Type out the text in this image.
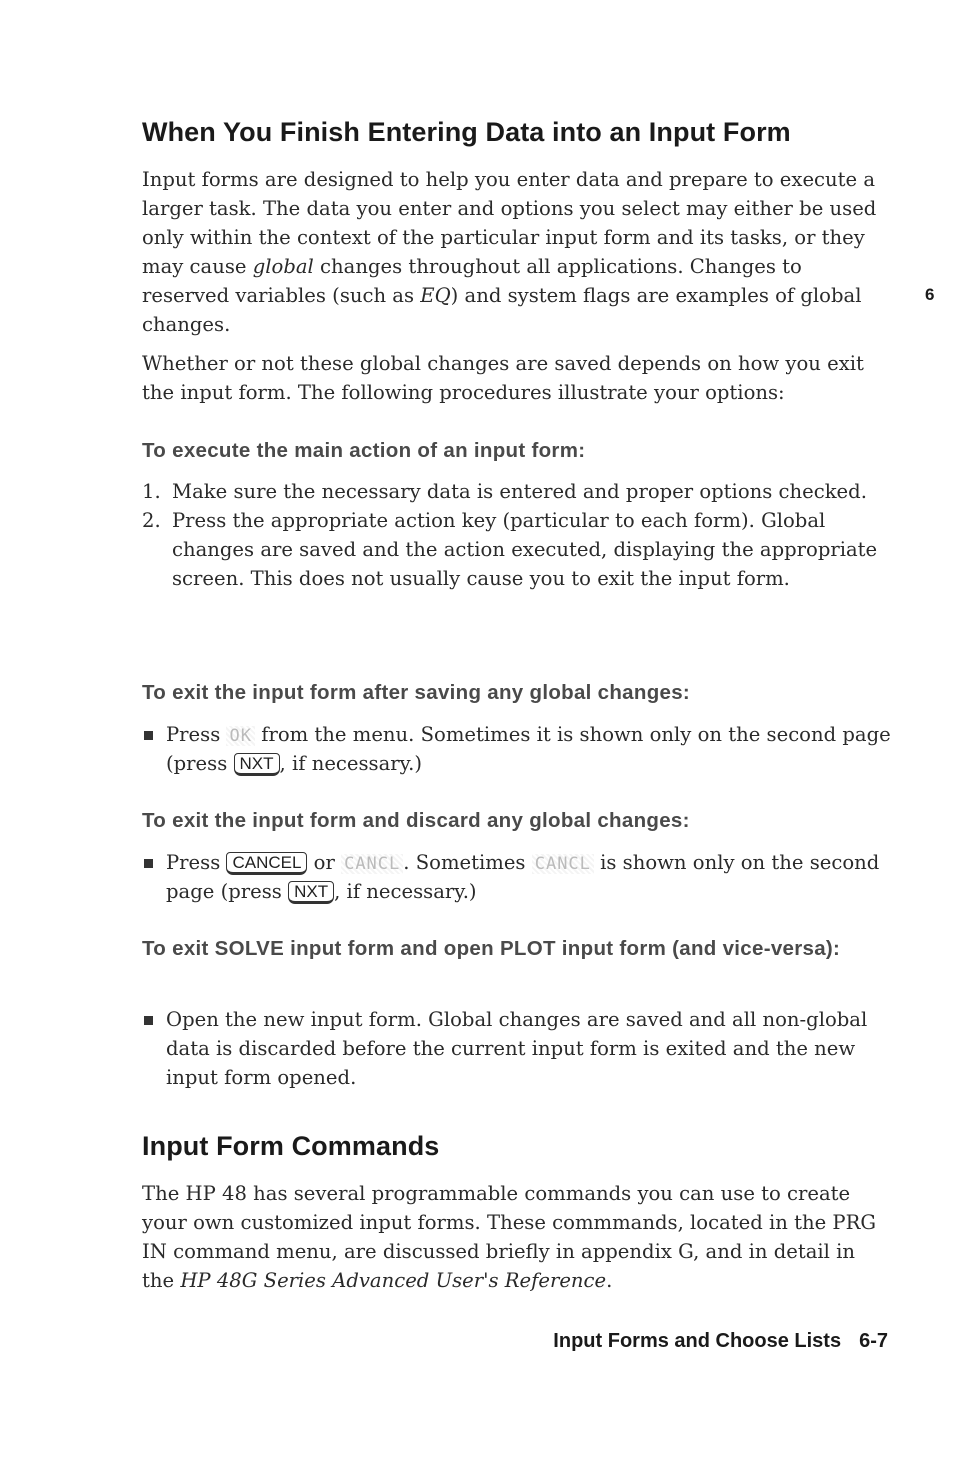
6
When You Finish Entering Data into an Input Form

Input forms are designed to help you enter data and prepare to execute a larger task. The data you enter and options you select may either be used only within the context of the particular input form and its tasks, or they may cause global changes throughout all applications. Changes to reserved variables (such as EQ) and system flags are examples of global changes.

Whether or not these global changes are saved depends on how you exit the input form. The following procedures illustrate your options:

To execute the main action of an input form:
1. Make sure the necessary data is entered and proper options checked.
2. Press the appropriate action key (particular to each form). Global changes are saved and the action executed, displaying the appropriate screen. This does not usually cause you to exit the input form.
To exit the input form after saving any global changes:
Press OK from the menu. Sometimes it is shown only on the second page (press NXT , if necessary.)
To exit the input form and discard any global changes:
Press CANCEL or CANCL . Sometimes CANCL is shown only on the second page (press NXT , if necessary.)
To exit SOLVE input form and open PLOT input form (and vice-versa):
Open the new input form. Global changes are saved and all non-global data is discarded before the current input form is exited and the new input form opened.
Input Form Commands

The HP 48 has several programmable commands you can use to create your own customized input forms. These commmands, located in the PRG IN command menu, are discussed briefly in appendix G, and in detail in the HP 48G Series Advanced User's Reference.

Input Forms and Choose Lists 6-7
